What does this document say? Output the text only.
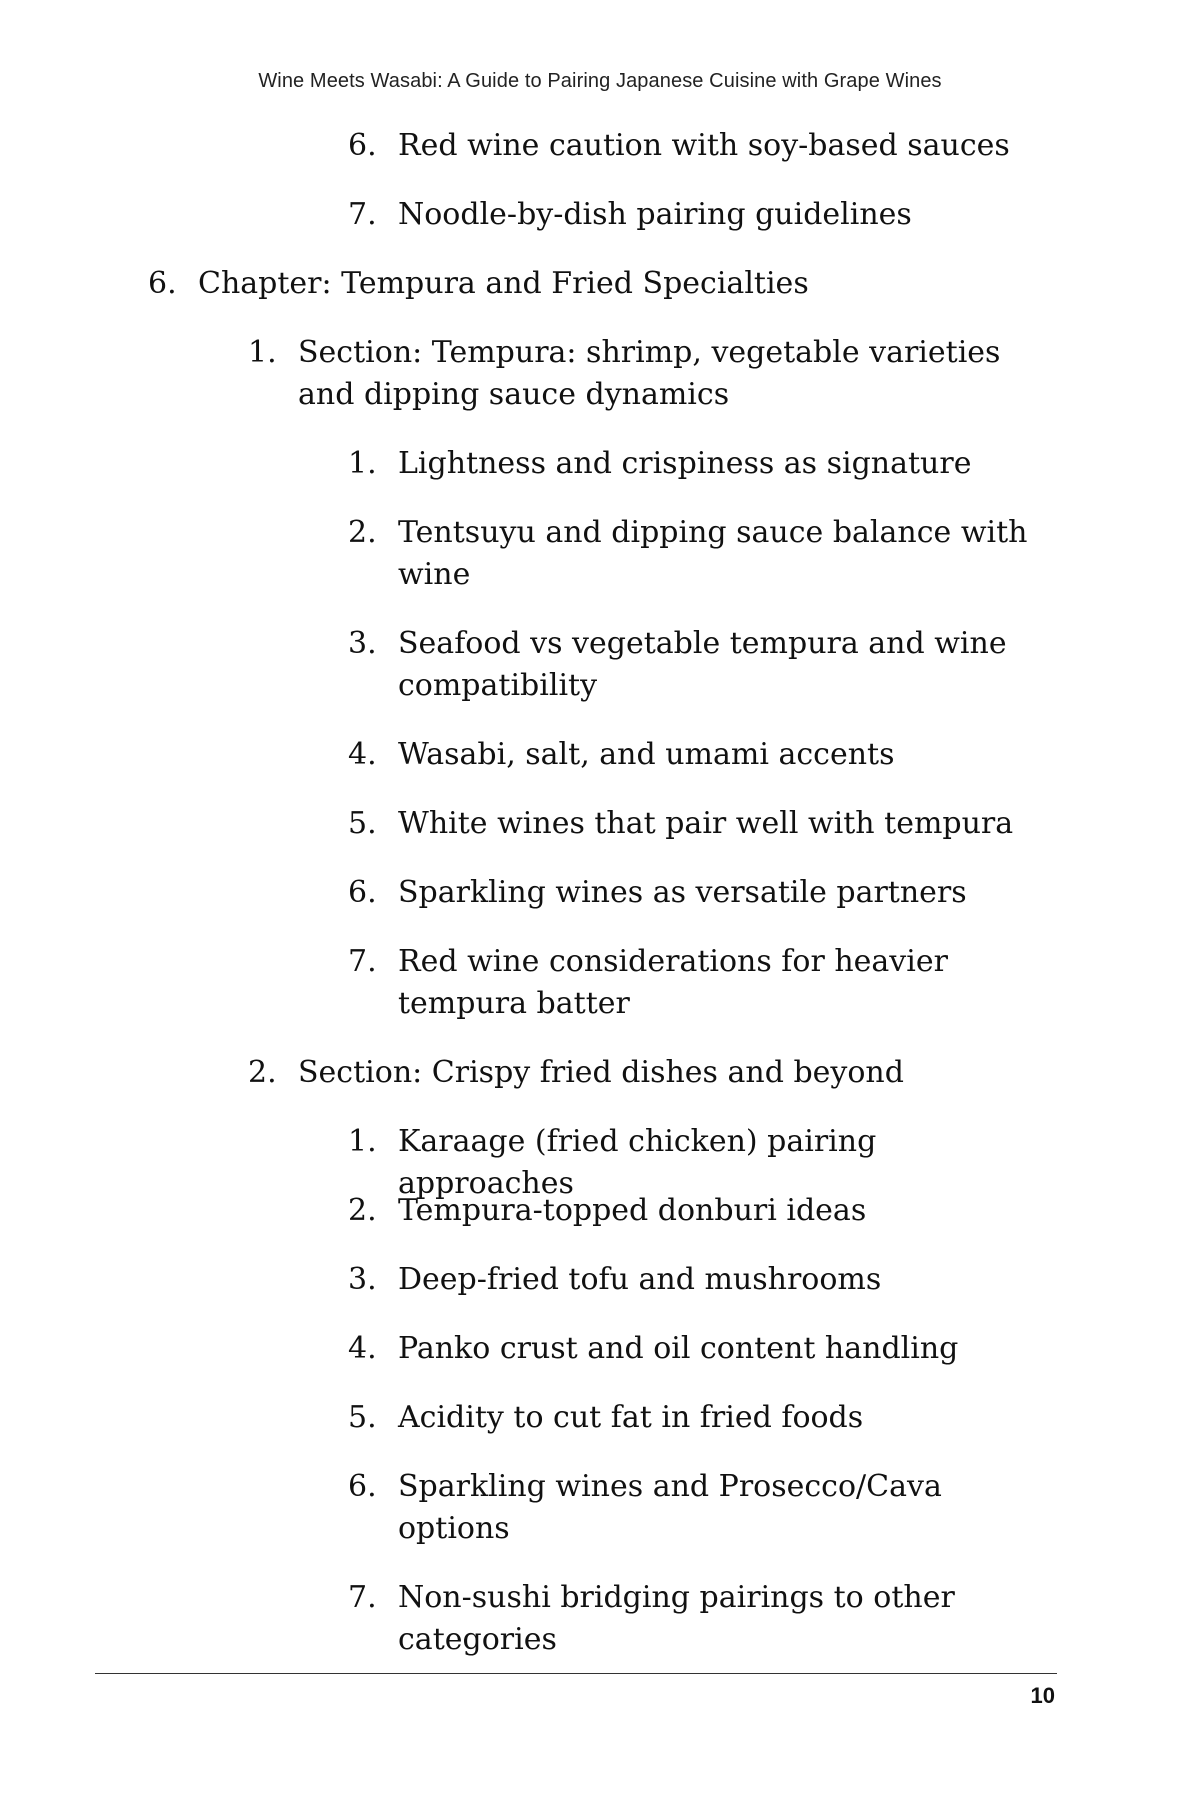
Wine Meets Wasabi: A Guide to Pairing Japanese Cuisine with Grape Wines
6. Red wine caution with soy-based sauces
7. Noodle-by-dish pairing guidelines
6. Chapter: Tempura and Fried Specialties
1. Section: Tempura: shrimp, vegetable varieties and dipping sauce dynamics
1. Lightness and crispiness as signature
2. Tentsuyu and dipping sauce balance with wine
3. Seafood vs vegetable tempura and wine compatibility
4. Wasabi, salt, and umami accents
5. White wines that pair well with tempura
6. Sparkling wines as versatile partners
7. Red wine considerations for heavier tempura batter
2. Section: Crispy fried dishes and beyond
1. Karaage (fried chicken) pairing approaches
2. Tempura-topped donburi ideas
3. Deep-fried tofu and mushrooms
4. Panko crust and oil content handling
5. Acidity to cut fat in fried foods
6. Sparkling wines and Prosecco/Cava options
7. Non-sushi bridging pairings to other categories
10
